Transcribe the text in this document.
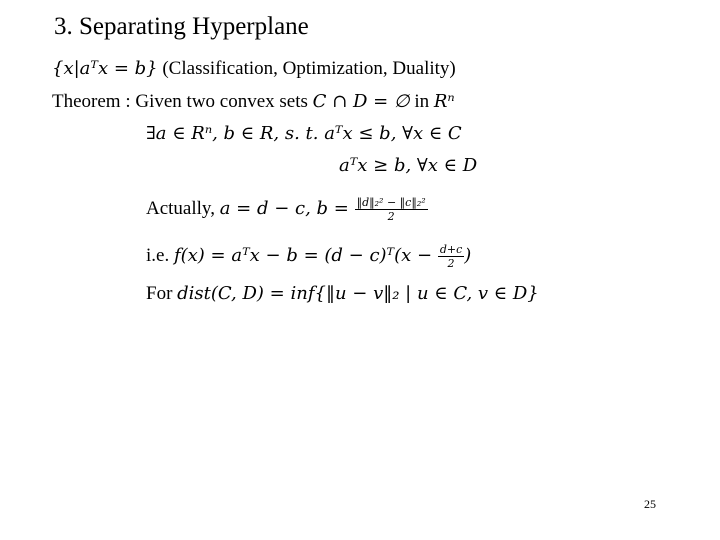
3. Separating Hyperplane
{x|aᵀx = b} (Classification, Optimization, Duality)
Theorem : Given two convex sets C ∩ D = ∅ in Rⁿ
∃a ∈ Rⁿ, b ∈ R, s. t. aᵀx ≤ b, ∀x ∈ C
aᵀx ≥ b, ∀x ∈ D
Actually, a = d − c, $b = \frac{\text{‖d‖₂² − ‖c‖₂²}}{2}$
i.e. f(x) = aᵀx − b = (d − c)ᵀ(x − $\frac{d+c}{2}$ )
For dist(C, D) = inf{‖u − v‖₂ | u ∈ C, v ∈ D}
25
